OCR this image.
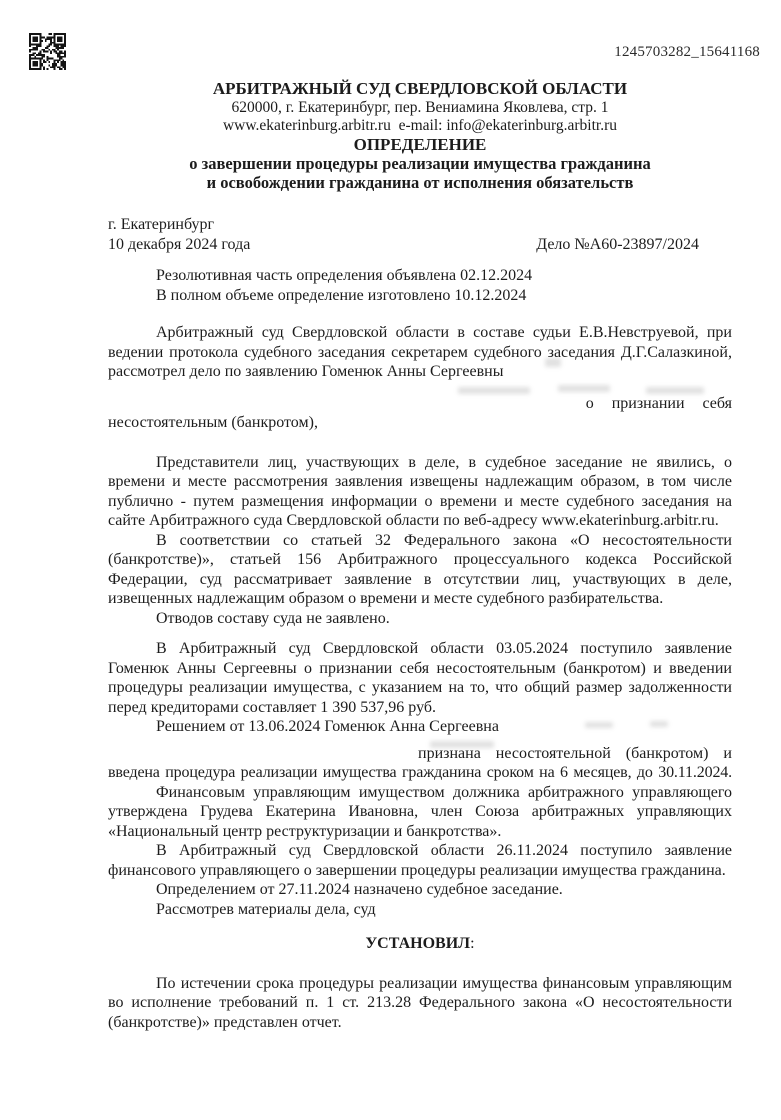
1245703282_15641168
АРБИТРАЖНЫЙ СУД СВЕРДЛОВСКОЙ ОБЛАСТИ
620000, г. Екатеринбург, пер. Вениамина Яковлева, стр. 1
www.ekaterinburg.arbitr.ru  e-mail: info@ekaterinburg.arbitr.ru
ОПРЕДЕЛЕНИЕ
о завершении процедуры реализации имущества гражданина
и освобождении гражданина от исполнения обязательств
г. Екатеринбург
10 декабря 2024 года	Дело №А60-23897/2024

Резолютивная часть определения объявлена 02.12.2024

В полном объеме определение изготовлено 10.12.2024

Арбитражный суд Свердловской области в составе судьи Е.В.Невструевой, при ведении протокола судебного заседания секретарем судебного заседания Д.Г.Салазкиной, рассмотрел дело по заявлению Гоменюк Анны Сергеевны

о признании себя

несостоятельным (банкротом),

Представители лиц, участвующих в деле, в судебное заседание не явились, о времени и месте рассмотрения заявления извещены надлежащим образом, в том числе публично - путем размещения информации о времени и месте судебного заседания на сайте Арбитражного суда Свердловской области по веб-адресу www.ekaterinburg.arbitr.ru.

В соответствии со статьей 32 Федерального закона «О несостоятельности (банкротстве)», статьей 156 Арбитражного процессуального кодекса Российской Федерации, суд рассматривает заявление в отсутствии лиц, участвующих в деле, извещенных надлежащим образом о времени и месте судебного разбирательства.

Отводов составу суда не заявлено.

В Арбитражный суд Свердловской области 03.05.2024 поступило заявление Гоменюк Анны Сергеевны о признании себя несостоятельным (банкротом) и введении процедуры реализации имущества, с указанием на то, что общий размер задолженности перед кредиторами составляет 1 390 537,96 руб.

Решением от 13.06.2024 Гоменюк Анна Сергеевна

признана несостоятельной (банкротом) и

введена процедура реализации имущества гражданина сроком на 6 месяцев, до 30.11.2024.

Финансовым управляющим имуществом должника арбитражного управляющего утверждена Грудева Екатерина Ивановна, член Союза арбитражных управляющих «Национальный центр реструктуризации и банкротства».

В Арбитражный суд Свердловской области 26.11.2024 поступило заявление финансового управляющего о завершении процедуры реализации имущества гражданина.

Определением от 27.11.2024 назначено судебное заседание.

Рассмотрев материалы дела, суд

УСТАНОВИЛ:

По истечении срока процедуры реализации имущества финансовым управляющим во исполнение требований п. 1 ст. 213.28 Федерального закона «О несостоятельности (банкротстве)» представлен отчет.
